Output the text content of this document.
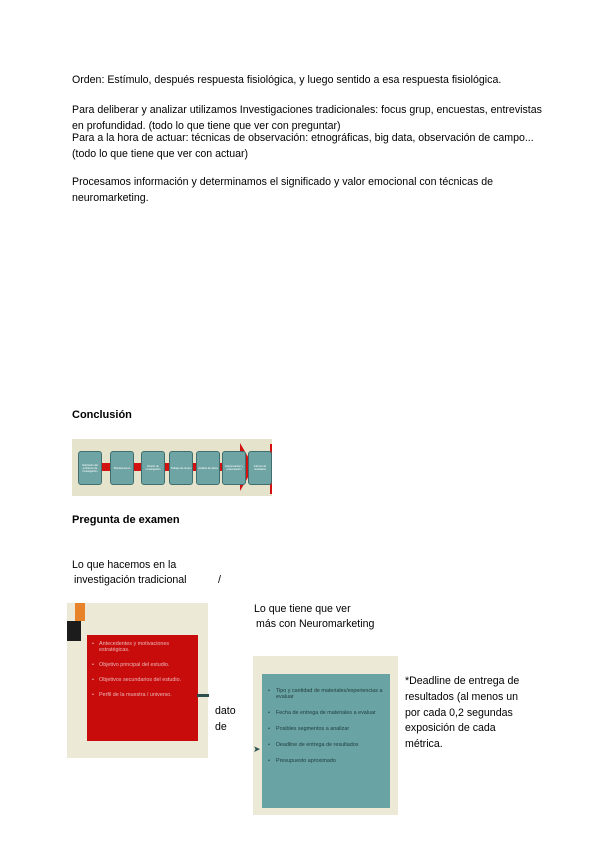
Orden: Estímulo, después respuesta fisiológica, y luego sentido a esa respuesta fisiológica.

Para deliberar y analizar utilizamos Investigaciones tradicionales: focus grup, encuestas, entrevistas en profundidad. (todo lo que tiene que ver con preguntar)

Para a la hora de actuar: técnicas de observación: etnográficas, big data, observación de campo... (todo lo que tiene que ver con actuar)

Procesamos información y determinamos el significado y valor emocional con técnicas de neuromarketing.

Conclusión

Definición del problema de investigación
Planteamiento	Diseño de investigación	Trabajo de campo	Análisis de datos	Interpretación y presentación
Informe de resultados

Pregunta de examen

Lo que hacemos en la

investigación tradicional	/

Lo que tiene que ver

más con Neuromarketing

• Antecedentes y motivaciones estratégicas.
• Objetivo principal del estudio.
• Objetivos secundarios del estudio.
• Perfil de la muestra / universo.

dato

de

➤
• Tipo y cantidad de materiales/experiencias a evaluar
• Fecha de entrega de materiales a evaluar
• Posibles segmentos a analizar
• Deadline de entrega de resultados
• Presupuesto aproximado

*Deadline de entrega de

resultados (al menos un

por cada 0,2 segundas

exposición de cada

métrica.
